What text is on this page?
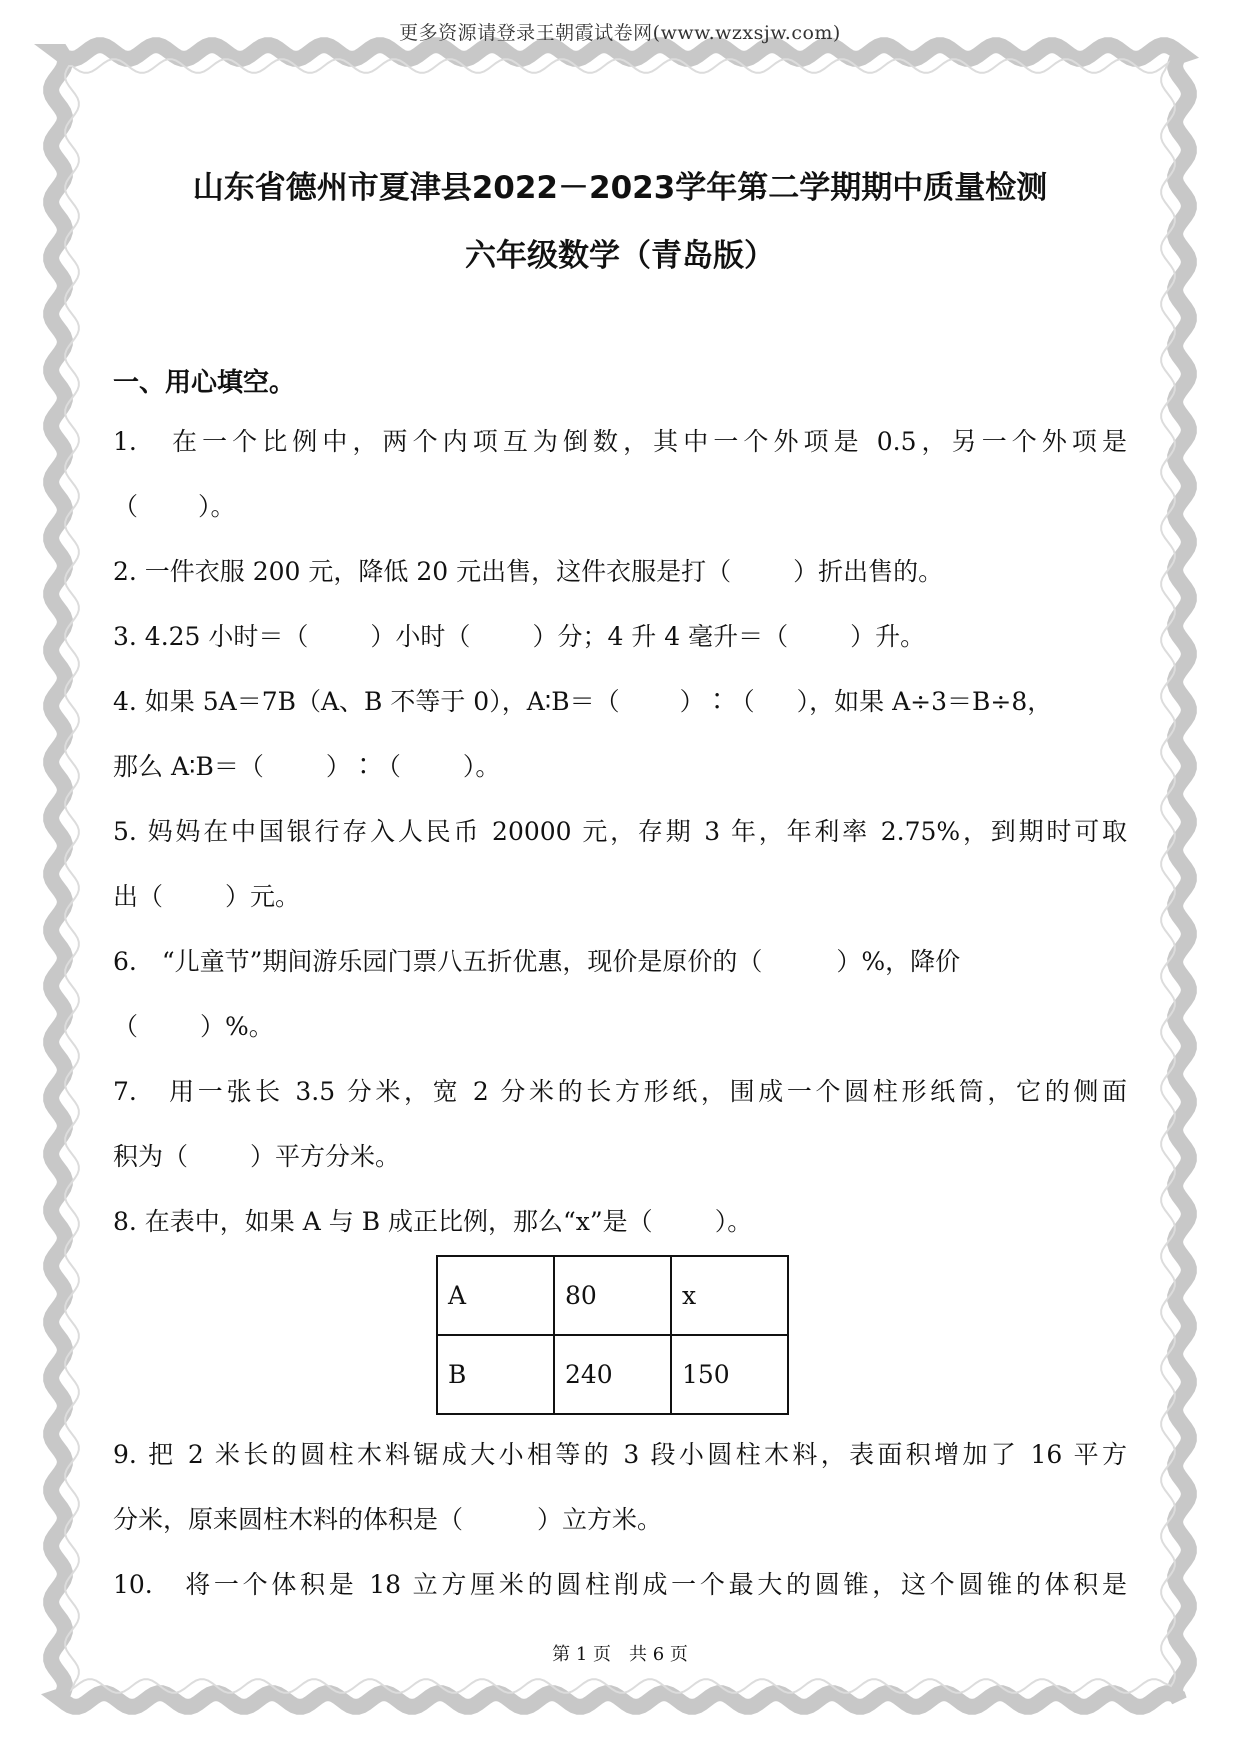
更多资源请登录王朝霞试卷网(www.wzxsjw.com)
山东省德州市夏津县2022－2023学年第二学期期中质量检测
六年级数学（青岛版）
一、用心填空。
1.　在一个比例中，两个内项互为倒数，其中一个外项是 0.5，另一个外项是
（ ）。
2. 一件衣服 200 元，降低 20 元出售，这件衣服是打（ ）折出售的。
3. 4.25 小时＝（ ）小时（ ）分；4 升 4 毫升＝（ ）升。
4. 如果 5A＝7B（A、B 不等于 0），A∶B＝（ ）∶（ ），如果 A÷3＝B÷8，
那么 A∶B＝（ ）∶（ ）。
5. 妈妈在中国银行存入人民币 20000 元，存期 3 年，年利率 2.75%，到期时可取
出（ ）元。
6.　“儿童节”期间游乐园门票八五折优惠，现价是原价的（	）%，降价
（ ）%。
7.　用一张长 3.5 分米，宽 2 分米的长方形纸，围成一个圆柱形纸筒，它的侧面
积为（ ）平方分米。
8. 在表中，如果 A 与 B 成正比例，那么“x”是（ ）。
A	80	x
B	240	150
9. 把 2 米长的圆柱木料锯成大小相等的 3 段小圆柱木料，表面积增加了 16 平方
分米，原来圆柱木料的体积是（	）立方米。
10.　将一个体积是 18 立方厘米的圆柱削成一个最大的圆锥，这个圆锥的体积是
第 1 页　共 6 页
